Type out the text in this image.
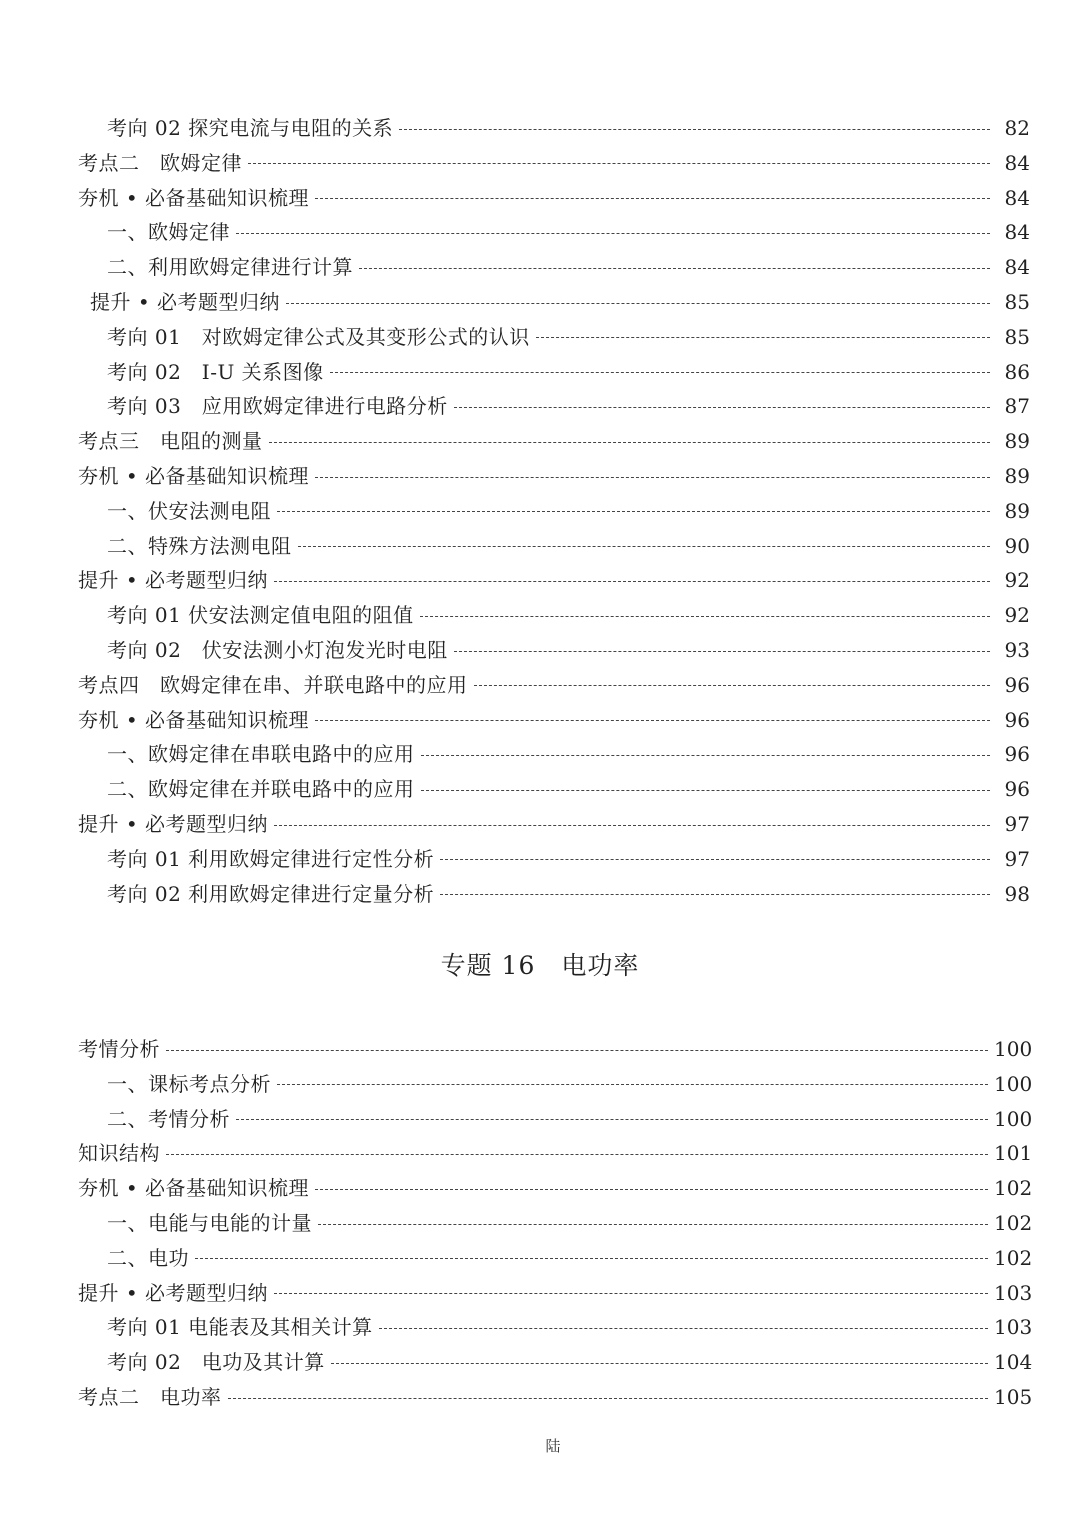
考向 02 探究电流与电阻的关系	82
考点二　欧姆定律	84
夯机 • 必备基础知识梳理	84
一、欧姆定律	84
二、利用欧姆定律进行计算	84
提升 • 必考题型归纳	85
考向 01　对欧姆定律公式及其变形公式的认识	85
考向 02　I-U 关系图像	86
考向 03　应用欧姆定律进行电路分析	87
考点三　电阻的测量	89
夯机 • 必备基础知识梳理	89
一、伏安法测电阻	89
二、特殊方法测电阻	90
提升 • 必考题型归纳	92
考向 01 伏安法测定值电阻的阻值	92
考向 02　伏安法测小灯泡发光时电阻	93
考点四　欧姆定律在串、并联电路中的应用	96
夯机 • 必备基础知识梳理	96
一、欧姆定律在串联电路中的应用	96
二、欧姆定律在并联电路中的应用	96
提升 • 必考题型归纳	97
考向 01 利用欧姆定律进行定性分析	97
考向 02 利用欧姆定律进行定量分析	98
专题 16　电功率
考情分析	100
一、课标考点分析	100
二、考情分析	100
知识结构	101
夯机 • 必备基础知识梳理	102
一、电能与电能的计量	102
二、电功	102
提升 • 必考题型归纳	103
考向 01 电能表及其相关计算	103
考向 02　电功及其计算	104
考点二　电功率	105
陆
